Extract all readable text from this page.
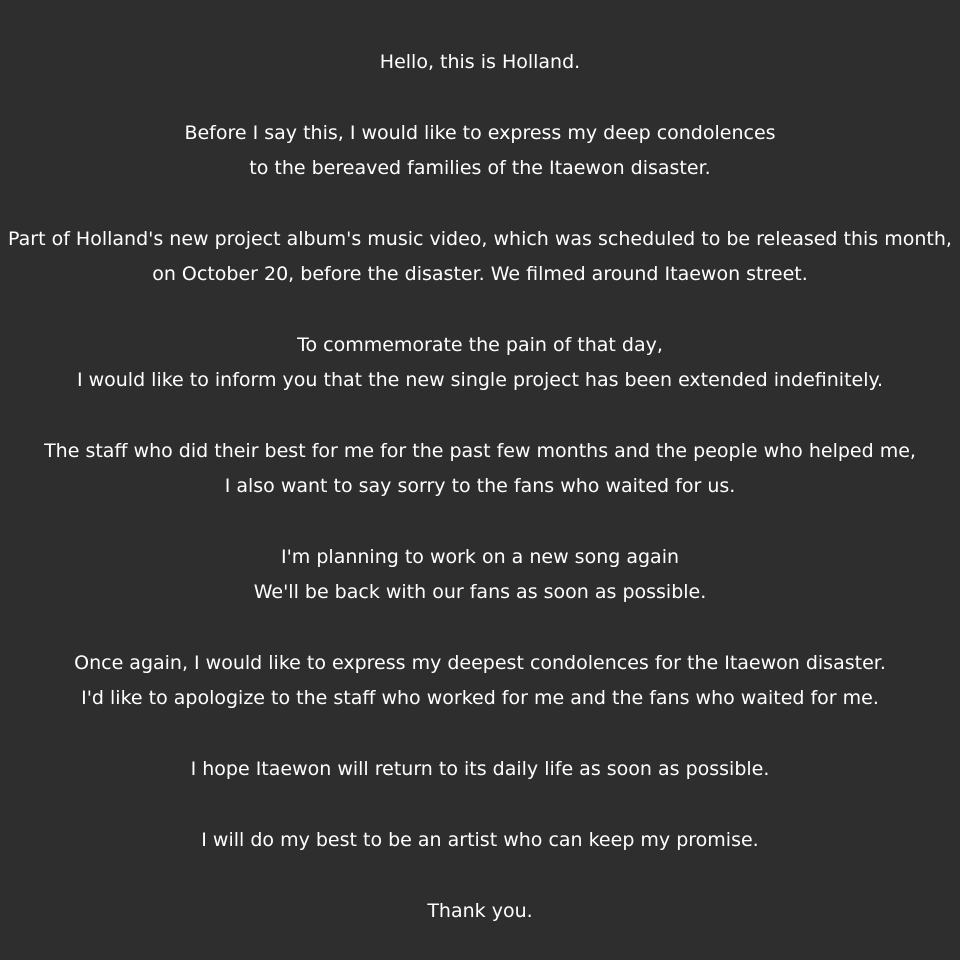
Hello, this is Holland.
Before I say this, I would like to express my deep condolences
to the bereaved families of the Itaewon disaster.
Part of Holland's new project album's music video, which was scheduled to be released this month,
on October 20, before the disaster. We filmed around Itaewon street.
To commemorate the pain of that day,
I would like to inform you that the new single project has been extended indefinitely.
The staff who did their best for me for the past few months and the people who helped me,
I also want to say sorry to the fans who waited for us.
I'm planning to work on a new song again
We'll be back with our fans as soon as possible.
Once again, I would like to express my deepest condolences for the Itaewon disaster.
I'd like to apologize to the staff who worked for me and the fans who waited for me.
I hope Itaewon will return to its daily life as soon as possible.
I will do my best to be an artist who can keep my promise.
Thank you.
